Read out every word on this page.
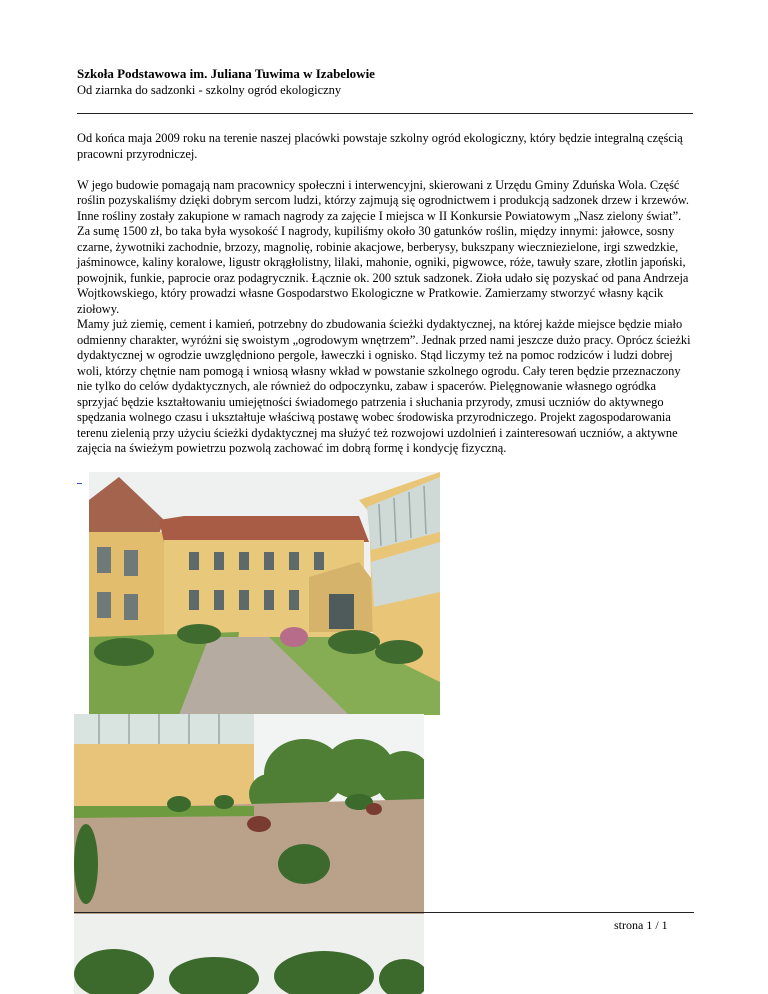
Szkoła Podstawowa im. Juliana Tuwima w Izabelowie
Od ziarnka do sadzonki - szkolny ogród ekologiczny

Od końca maja 2009 roku na terenie naszej placówki powstaje szkolny ogród ekologiczny, który będzie integralną częścią pracowni przyrodniczej.

W jego budowie pomagają nam pracownicy społeczni i interwencyjni, skierowani z Urzędu Gminy Zduńska Wola. Część roślin pozyskaliśmy dzięki dobrym sercom ludzi, którzy zajmują się ogrodnictwem i produkcją sadzonek drzew i krzewów. Inne rośliny zostały zakupione w ramach nagrody za zajęcie I miejsca w II Konkursie Powiatowym „Nasz zielony świat”. Za sumę 1500 zł, bo taka była wysokość I nagrody, kupiliśmy około 30 gatunków roślin, między innymi: jałowce, sosny czarne, żywotniki zachodnie, brzozy, magnolię, robinie akacjowe, berberysy, bukszpany wieczniezielone, irgi szwedzkie, jaśminowce, kaliny koralowe, ligustr okrągłolistny, lilaki, mahonie, ogniki, pigwowce, róże, tawuły szare, złotlin japoński, powojnik, funkie, paprocie oraz podagrycznik. Łącznie ok. 200 sztuk sadzonek. Zioła udało się pozyskać od pana Andrzeja Wojtkowskiego, który prowadzi własne Gospodarstwo Ekologiczne w Pratkowie. Zamierzamy stworzyć własny kącik ziołowy.

Mamy już ziemię, cement i kamień, potrzebny do zbudowania ścieżki dydaktycznej, na której każde miejsce będzie miało odmienny charakter, wyróżni się swoistym „ogrodowym wnętrzem”. Jednak przed nami jeszcze dużo pracy. Oprócz ścieżki dydaktycznej w ogrodzie uwzględniono pergole, ławeczki i ognisko. Stąd liczymy też na pomoc rodziców i ludzi dobrej woli, którzy chętnie nam pomogą i wniosą własny wkład w powstanie szkolnego ogrodu. Cały teren będzie przeznaczony nie tylko do celów dydaktycznych, ale również do odpoczynku, zabaw i spacerów. Pielęgnowanie własnego ogródka sprzyjać będzie kształtowaniu umiejętności świadomego patrzenia i słuchania przyrody, zmusi uczniów do aktywnego spędzania wolnego czasu i ukształtuje właściwą postawę wobec środowiska przyrodniczego. Projekt zagospodarowania terenu zielenią przy użyciu ścieżki dydaktycznej ma służyć też rozwojowi uzdolnień i zainteresowań uczniów, a aktywne zajęcia na świeżym powietrzu pozwolą zachować im dobrą formę i kondycję fizyczną.

strona 1 / 1
